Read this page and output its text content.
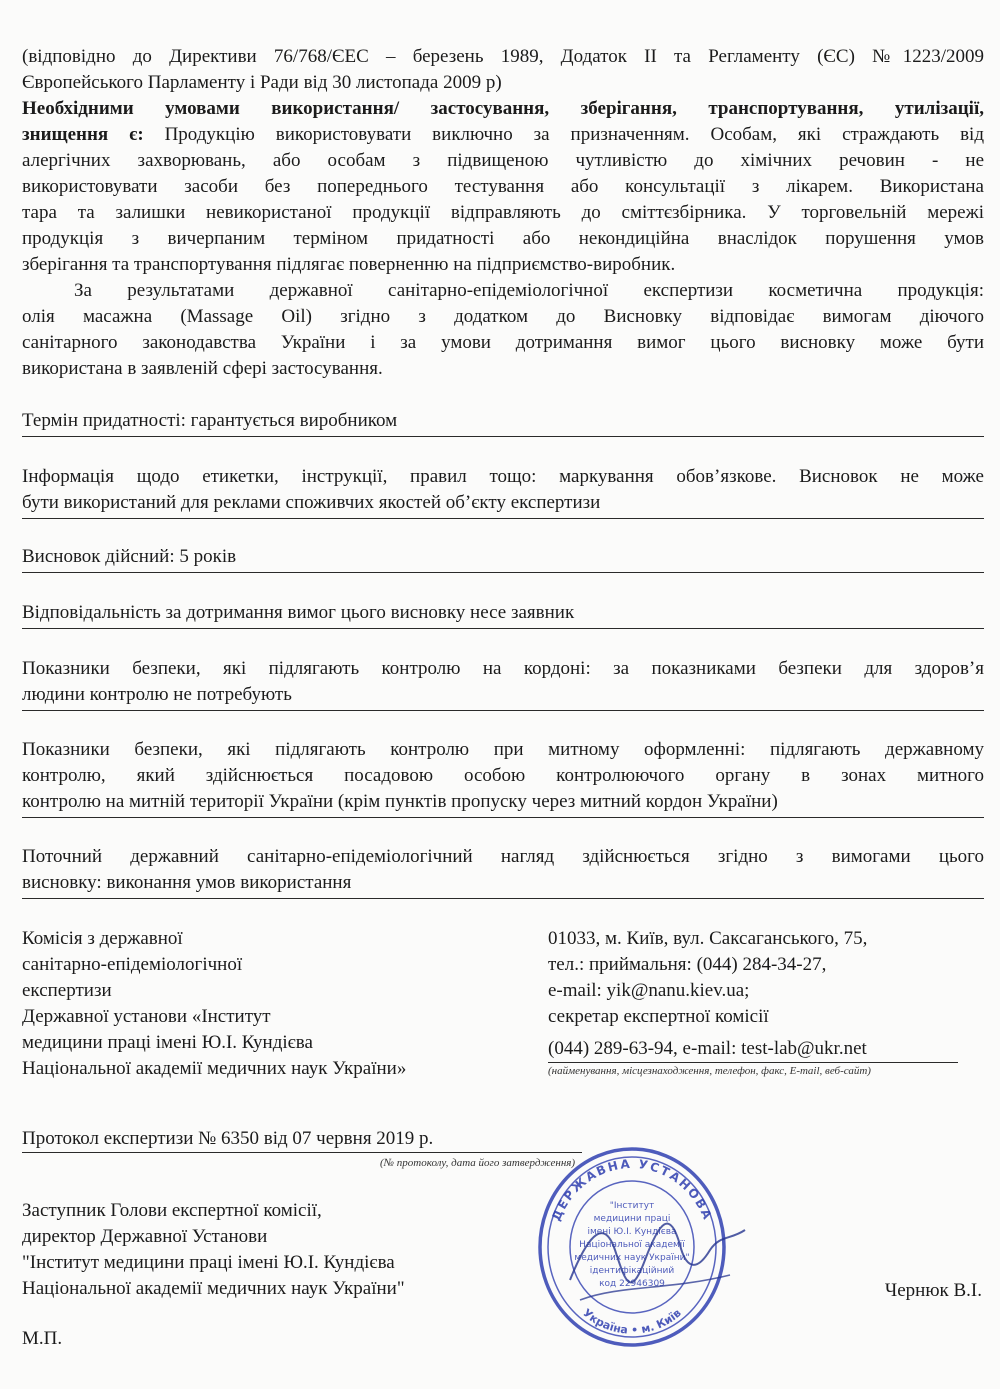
(відповідно до Директиви 76/768/ЄЕС – березень 1989, Додаток II та Регламенту (ЄС) №1223/2009
Європейського Парламенту і Ради від 30 листопада 2009 р)
Необхідними умовами використання/ застосування, зберігання, транспортування, утилізації,
знищення є: Продукцію використовувати виключно за призначенням. Особам, які страждають від
алергічних захворювань, або особам з підвищеною чутливістю до хімічних речовин - не
використовувати засоби без попереднього тестування або консультації з лікарем. Використана
тара та залишки невикористаної продукції відправляють до сміттєзбірника. У торговельній мережі
продукція з вичерпаним терміном придатності або некондиційна внаслідок порушення умов
зберігання та транспортування підлягає поверненню на підприємство-виробник.
За результатами державної санітарно-епідеміологічної експертизи косметична продукція:
олія масажна (Massage Oil) згідно з додатком до Висновку відповідає вимогам діючого
санітарного законодавства України і за умови дотримання вимог цього висновку може бути
використана в заявленій сфері застосування.
Термін придатності: гарантується виробником
Інформація щодо етикетки, інструкції, правил тощо: маркування обов’язкове. Висновок не може
бути використаний для реклами споживчих якостей об’єкту експертизи
Висновок дійсний: 5 років
Відповідальність за дотримання вимог цього висновку несе заявник
Показники безпеки, які підлягають контролю на кордоні: за показниками безпеки для здоров’я
людини контролю не потребують
Показники безпеки, які підлягають контролю при митному оформленні: підлягають державному
контролю, який здійснюється посадовою особою контролюючого органу в зонах митного
контролю на митній території України (крім пунктів пропуску через митний кордон України)
Поточний державний санітарно-епідеміологічний нагляд здійснюється згідно з вимогами цього
висновку: виконання умов використання
Комісія з державної
санітарно-епідеміологічної
експертизи
Державної установи «Інститут
медицини праці імені Ю.І. Кундієва
Національної академії медичних наук України»
01033, м. Київ, вул. Саксаганського, 75,
тел.: приймальня: (044) 284-34-27,
e-mail: yik@nanu.kiev.ua;
секретар експертної комісії
(044) 289-63-94, e-mail: test-lab@ukr.net
(найменування, місцезнаходження, телефон, факс, E-mail, веб-сайт)
Протокол експертизи № 6350 від 07 червня 2019 р.
(№ протоколу, дата його затвердження)
Заступник Голови експертної комісії,
директор Державної Установи
"Інститут медицини праці імені Ю.І. Кундієва
Національної академії медичних наук України"	Чернюк В.І.
М.П.
ДЕРЖАВНА УСТАНОВА
Україна • м. Київ
"Інститут
медицини праці
імені Ю.І. Кундієва
Національної академії
медичних наук України"
ідентифікаційний
код 22946309
